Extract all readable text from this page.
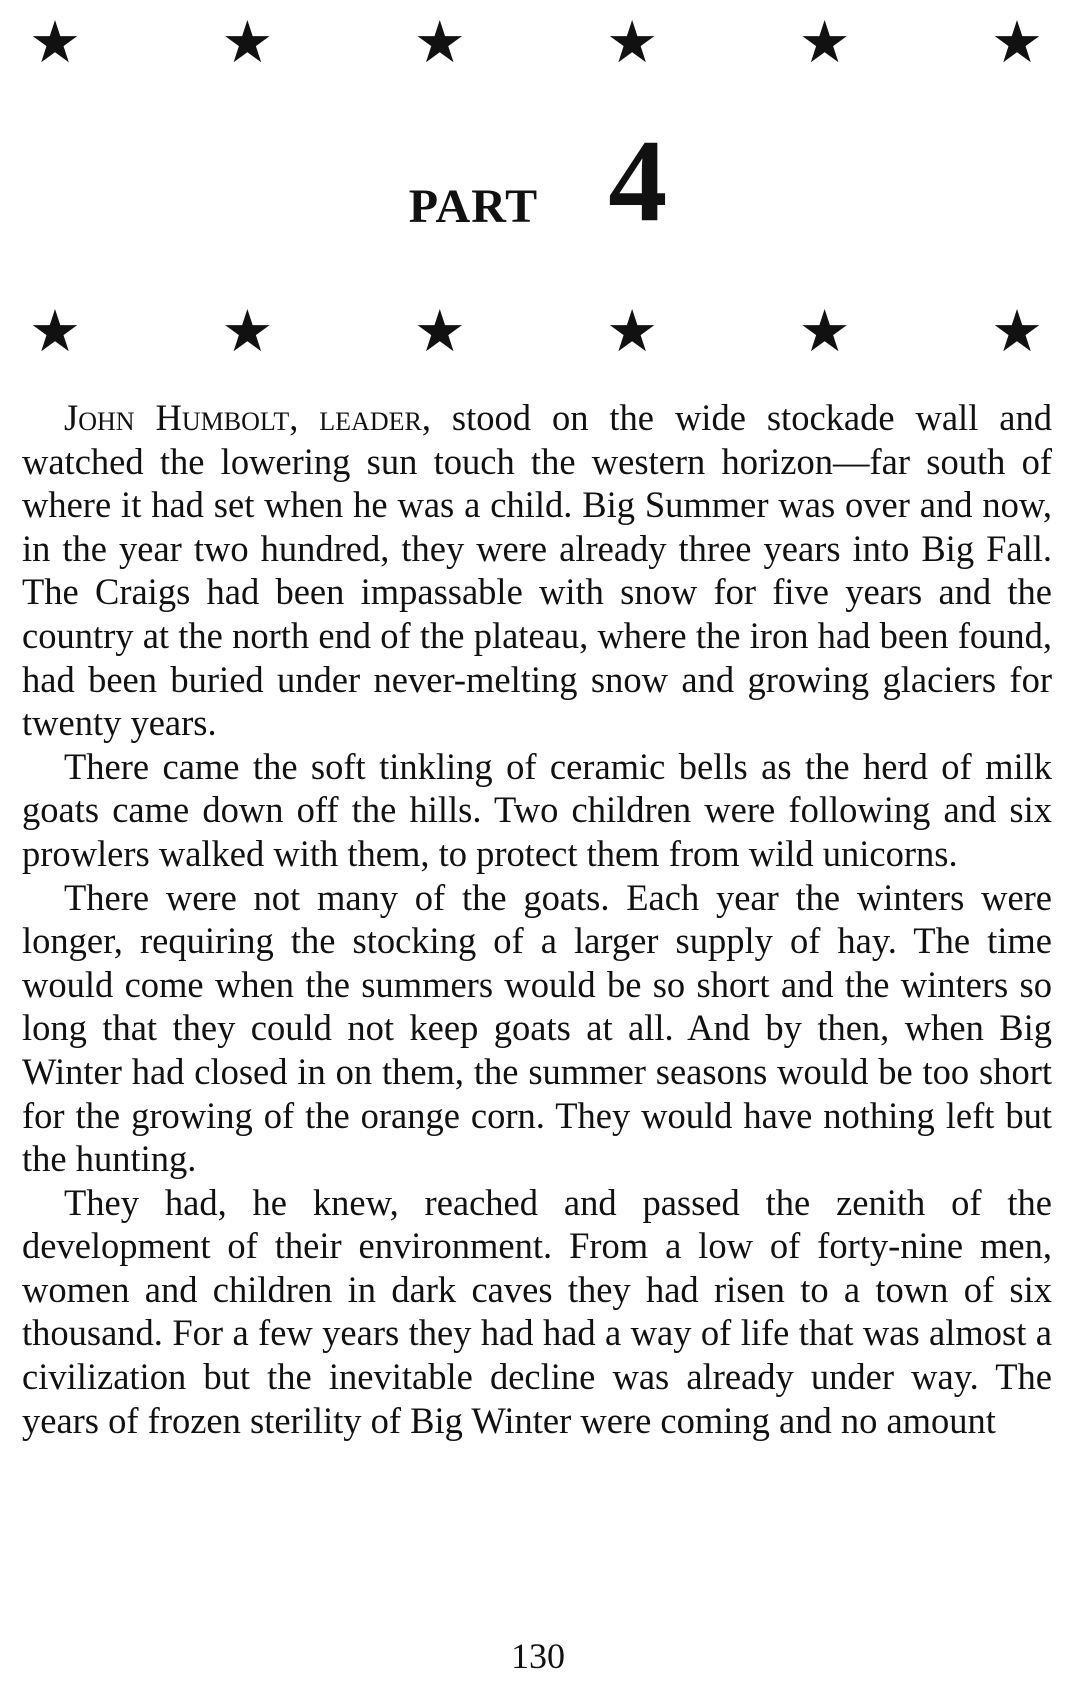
★ ★ ★ ★ ★ ★
PART 4
★ ★ ★ ★ ★ ★

John Humbolt, leader, stood on the wide stockade wall and watched the lowering sun touch the western horizon—far south of where it had set when he was a child. Big Summer was over and now, in the year two hundred, they were already three years into Big Fall. The Craigs had been impassable with snow for five years and the country at the north end of the plateau, where the iron had been found, had been buried under never-melting snow and growing glaciers for twenty years.

There came the soft tinkling of ceramic bells as the herd of milk goats came down off the hills. Two children were following and six prowlers walked with them, to protect them from wild unicorns.

There were not many of the goats. Each year the winters were longer, requiring the stocking of a larger supply of hay. The time would come when the summers would be so short and the winters so long that they could not keep goats at all. And by then, when Big Winter had closed in on them, the summer seasons would be too short for the growing of the orange corn. They would have nothing left but the hunting.

They had, he knew, reached and passed the zenith of the development of their environment. From a low of forty-nine men, women and children in dark caves they had risen to a town of six thousand. For a few years they had had a way of life that was almost a civilization but the inevitable decline was already under way. The years of frozen sterility of Big Winter were coming and no amount

130
